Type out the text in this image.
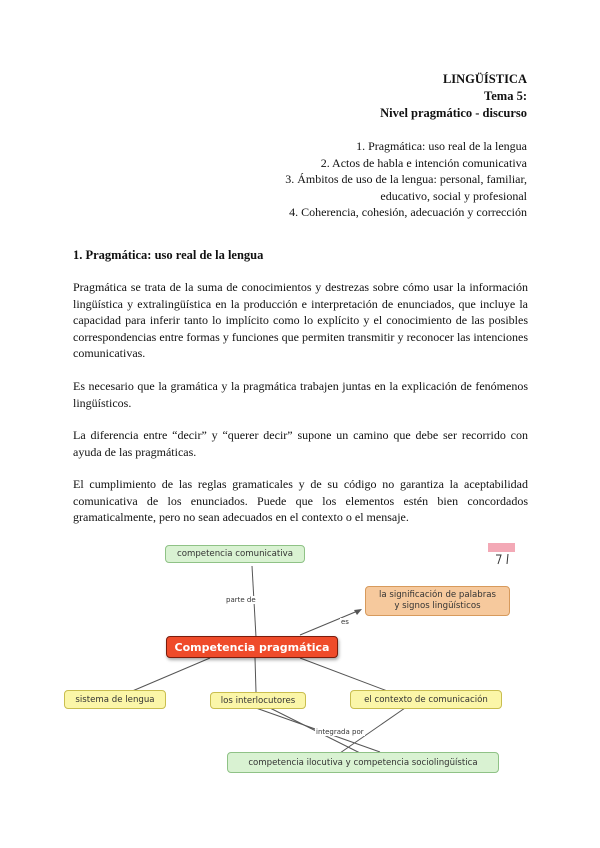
LINGÜÍSTICA
Tema 5:
Nivel pragmático - discurso
1. Pragmática: uso real de la lengua
2. Actos de habla e intención comunicativa
3. Ámbitos de uso de la lengua: personal, familiar,
educativo, social y profesional
4. Coherencia, cohesión, adecuación y corrección
1. Pragmática: uso real de la lengua

Pragmática se trata de la suma de conocimientos y destrezas sobre cómo usar la información lingüística y extralingüística en la producción e interpretación de enunciados, que incluye la capacidad para inferir tanto lo implícito como lo explícito y el conocimiento de las posibles correspondencias entre formas y funciones que permiten transmitir y reconocer las intenciones comunicativas.

Es necesario que la gramática y la pragmática trabajen juntas en la explicación de fenómenos lingüísticos.

La diferencia entre “decir” y “querer decir” supone un camino que debe ser recorrido con ayuda de las pragmáticas.

El cumplimiento de las reglas gramaticales y de su código no garantiza la aceptabilidad comunicativa de los enunciados. Puede que los elementos estén bien concordados gramaticalmente, pero no sean adecuados en el contexto o el mensaje.

competencia comunicativa
la significación de palabras
y signos lingüísticos
Competencia pragmática
sistema de lengua	los interlocutores	el contexto de comunicación
competencia ilocutiva y competencia sociolingüística
parte de
es
integrada por
